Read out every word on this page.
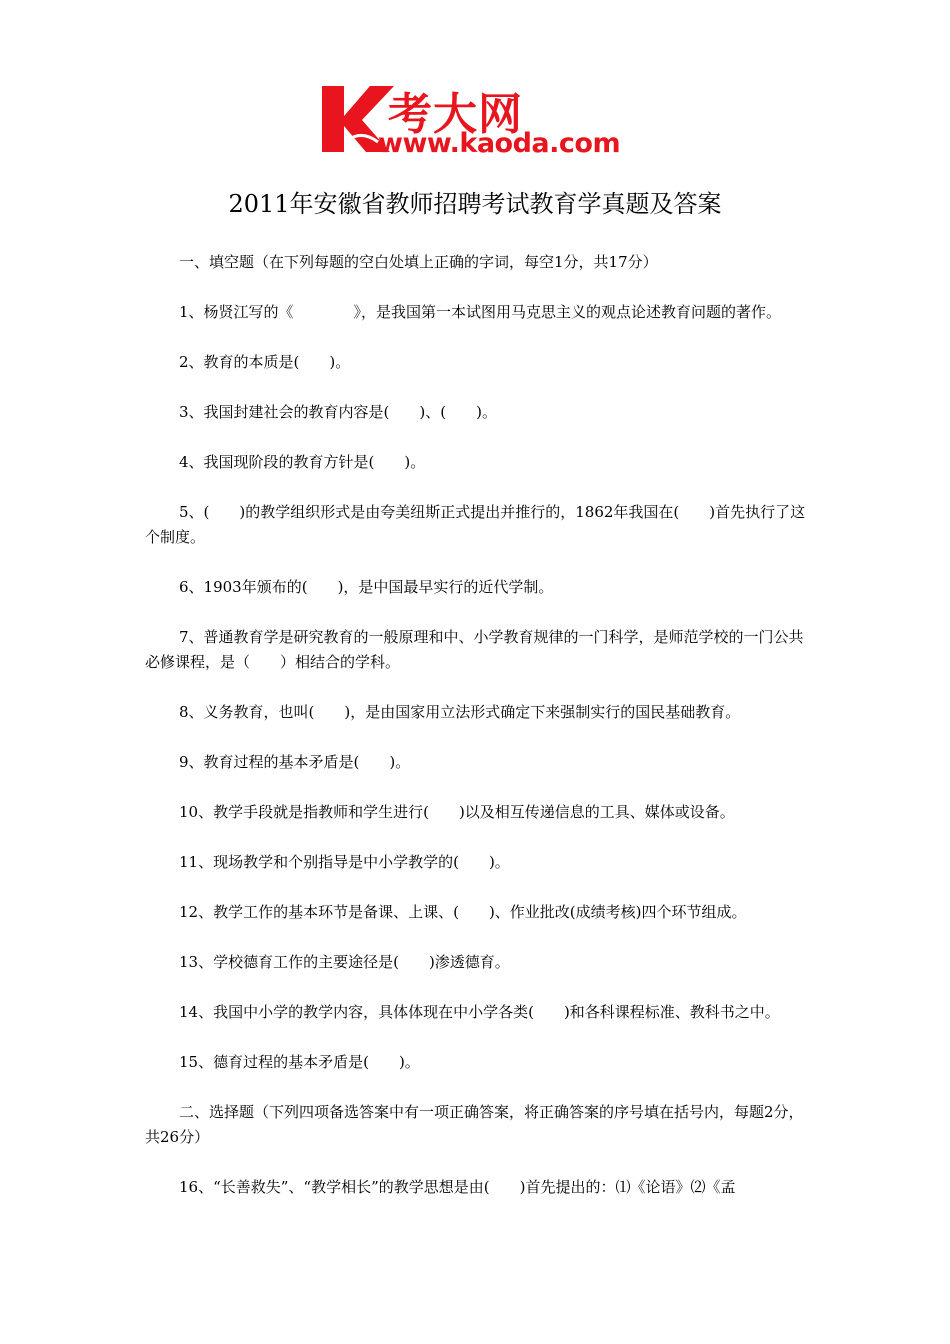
考大网
www.kaoda.com
2011年安徽省教师招聘考试教育学真题及答案

一、填空题（在下列每题的空白处填上正确的字词，每空1分，共17分）

1、杨贤江写的《　　　　》，是我国第一本试图用马克思主义的观点论述教育问题的著作。

2、教育的本质是(　　)。

3、我国封建社会的教育内容是(　　)、(　　)。

4、我国现阶段的教育方针是(　　)。

5、(　　)的教学组织形式是由夸美纽斯正式提出并推行的，1862年我国在(　　)首先执行了这个制度。

6、1903年颁布的(　　)，是中国最早实行的近代学制。

7、普通教育学是研究教育的一般原理和中、小学教育规律的一门科学，是师范学校的一门公共必修课程，是（　　）相结合的学科。

8、义务教育，也叫(　　)，是由国家用立法形式确定下来强制实行的国民基础教育。

9、教育过程的基本矛盾是(　　)。

10、教学手段就是指教师和学生进行(　　)以及相互传递信息的工具、媒体或设备。

11、现场教学和个别指导是中小学教学的(　　)。

12、教学工作的基本环节是备课、上课、(　　)、作业批改(成绩考核)四个环节组成。

13、学校德育工作的主要途径是(　　)渗透德育。

14、我国中小学的教学内容，具体体现在中小学各类(　　)和各科课程标准、教科书之中。

15、德育过程的基本矛盾是(　　)。

二、选择题（下列四项备选答案中有一项正确答案，将正确答案的序号填在括号内，每题2分，共26分）

16、“长善救失”、“教学相长”的教学思想是由(　　)首先提出的：⑴《论语》⑵《孟
